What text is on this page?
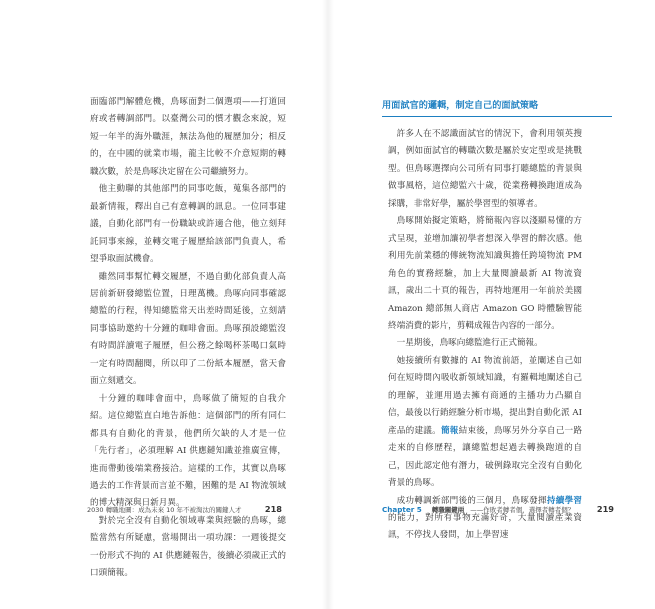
面臨部門解體危機，鳥啄面對二個選項——打道回府或者轉調部門。以臺灣公司的慣才觀念來說，短短一年半的海外職涯，無法為他的履歷加分；相反的，在中國的就業市場，龍主比較不介意短期的轉職次數，於是鳥啄決定留在公司繼續努力。

他主動聯的其他部門的同事吃飯，蒐集各部門的最新情報，釋出自己有意轉調的訊息。一位同事建議，自動化部門有一份職缺或許適合他，他立刻拜託同事來線，並轉交電子履歷給該部門負責人，希望爭取面試機會。

雖然同事幫忙轉交履歷，不過自動化部負責人高居前新研發總監位置，日理萬機。鳥啄向同事確認總監的行程，得知總監常天出差時間延後，立刻請同事協助邀約十分鐘的咖啡會面。鳥啄預設總監沒有時間詳讀電子履歷，但公務之餘喝杯茶喝口氣時一定有時間翻閱，所以印了二份紙本履歷，當天會面立刻遞交。

十分鐘的咖啡會面中，鳥啄做了簡短的自我介紹。這位總監直白地告訴他：這個部門的所有同仁都具有自動化的背景，他們所欠缺的人才是一位「先行者」，必須理解 AI 供應鏈知識並推廣宣傳，進而帶動後端業務接洽。這樣的工作，其實以鳥啄過去的工作背景而言並不難，困難的是 AI 物流領域的博大精深與日新月異。

對於完全沒有自動化領域專業與經驗的鳥啄，總監當然有所疑慮，當場開出一項功課：一週後提交一份形式不拘的 AI 供應鏈報告，後續必須歲正式的口頭簡報。

2030 轉職地圖：成為未來 10 年不被淘汰的關鍵人才	218
用面試官的邏輯，制定自己的面試策略

許多人在不認識面試官的情況下，會利用領英搜調，例如面試官的轉職次數是屬於安定型或是挑戰型。但鳥啄選擇向公司所有同事打聽總監的背景與做事風格，這位總監六十歲，從業務轉換跑道成為採購，非常好學，屬於學習型的領導者。

鳥啄開始擬定策略，將簡報內容以淺顯易懂的方式呈現，並增加讓初學者想深入學習的醉次感。他利用先前業穩的傳統物流知識與擔任跨境物流 PM 角色的實務經驗，加上大量閱讀最新 AI 物流資訊，歲出二十頁的報告，再特地運用一年前於美國 Amazon 總部無人商店 Amazon GO 時體驗智能終端消費的影片，剪輯成報告內容的一部分。

一星期後，鳥啄向總監進行正式簡報。

她接續所有數據的 AI 物流前語，並闡述自己如何在短時間內吸收新領域知識，有羅輯地闡述自己的理解，並運用過去擁有商通的主播功力凸顯自信，最後以行銷經驗分析市場，提出對自動化派 AI 產品的建議。簡報結束後，鳥啄另外分享自己一路走來的自修歷程，讓總監想起過去轉換跑道的自己，因此認定他有潛力，破例錄取完全沒有自動化背景的鳥啄。

成功轉調新部門後的三個月，鳥啄發揮持續學習的能力，對所有事物充滿好奇，大量閱讀產業資訊，不停找人發問，加上學習速

Chapter 5 轉職關鍵兩 ——作敗者轉者個，選擇者轉者個？	219
